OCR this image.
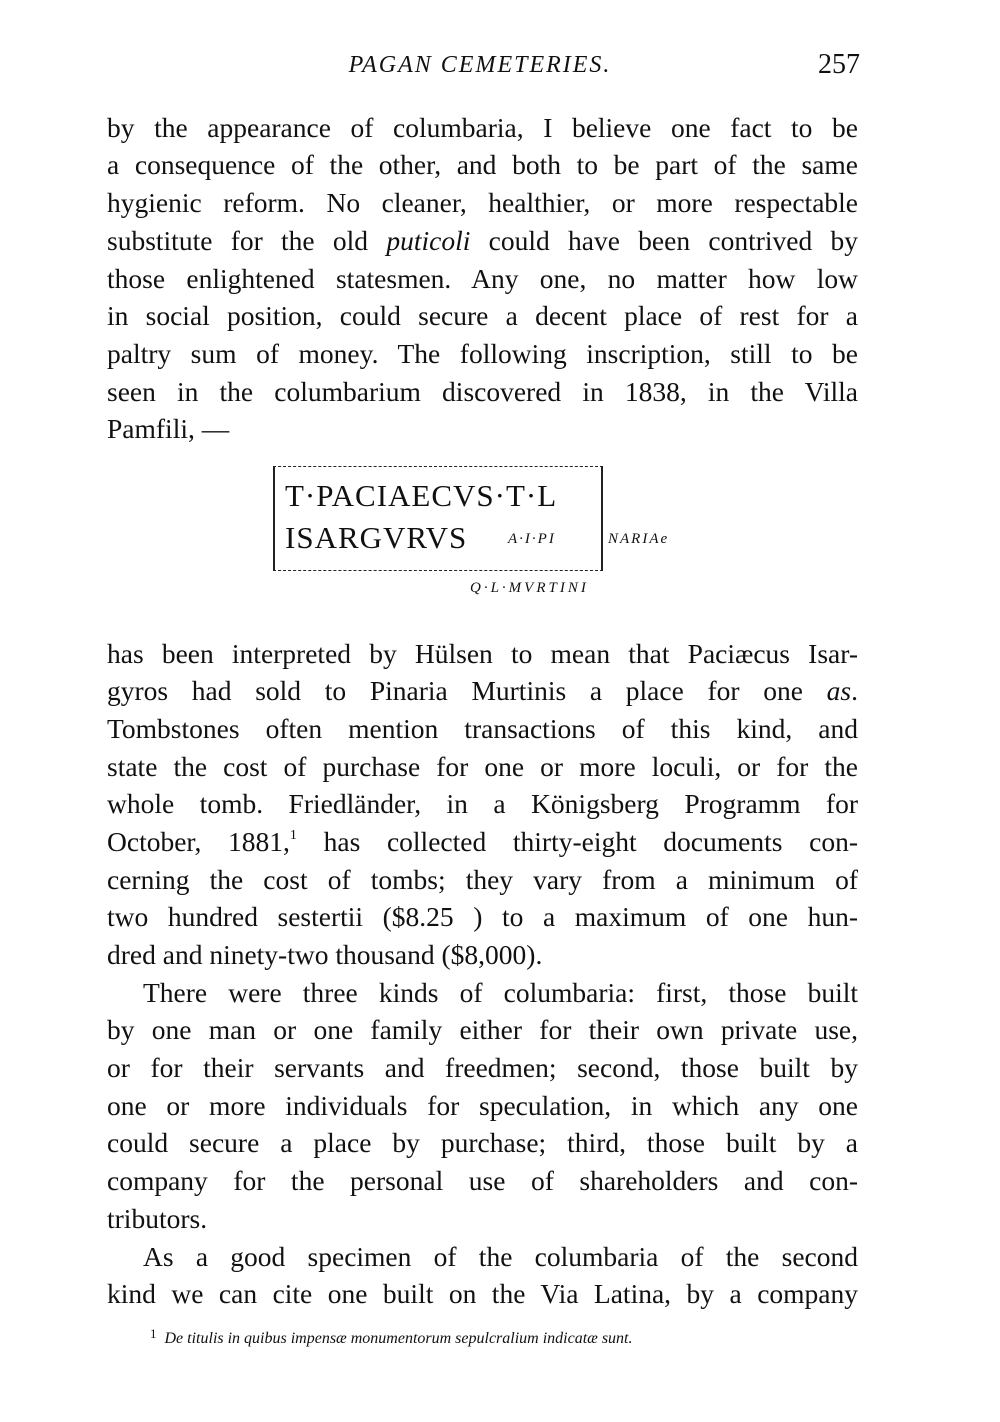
PAGAN CEMETERIES.	257
by the appearance of columbaria, I believe one fact to be
a consequence of the other, and both to be part of the same
hygienic reform. No cleaner, healthier, or more respectable
substitute for the old puticoli could have been contrived by
those enlightened statesmen. Any one, no matter how low
in social position, could secure a decent place of rest for a
paltry sum of money. The following inscription, still to be
seen in the columbarium discovered in 1838, in the Villa
Pamfili, —
T·PACIAECVS·T·L
ISARGVRVS	A·I·PI	NARIAe
Q·L·MVRTINI
has been interpreted by Hülsen to mean that Paciæcus Isar-
gyros had sold to Pinaria Murtinis a place for one as.
Tombstones often mention transactions of this kind, and
state the cost of purchase for one or more loculi, or for the
whole tomb. Friedländer, in a Königsberg Programm for
October, 1881,$^1$ has collected thirty-eight documents con-
cerning the cost of tombs; they vary from a minimum of
two hundred sestertii ($8.25 ) to a maximum of one hun-
dred and ninety-two thousand ($8,000).
There were three kinds of columbaria: first, those built
by one man or one family either for their own private use,
or for their servants and freedmen; second, those built by
one or more individuals for speculation, in which any one
could secure a place by purchase; third, those built by a
company for the personal use of shareholders and con-
tributors.
As a good specimen of the columbaria of the second
kind we can cite one built on the Via Latina, by a company
$^1$ De titulis in quibus impensæ monumentorum sepulcralium indicatæ sunt.
